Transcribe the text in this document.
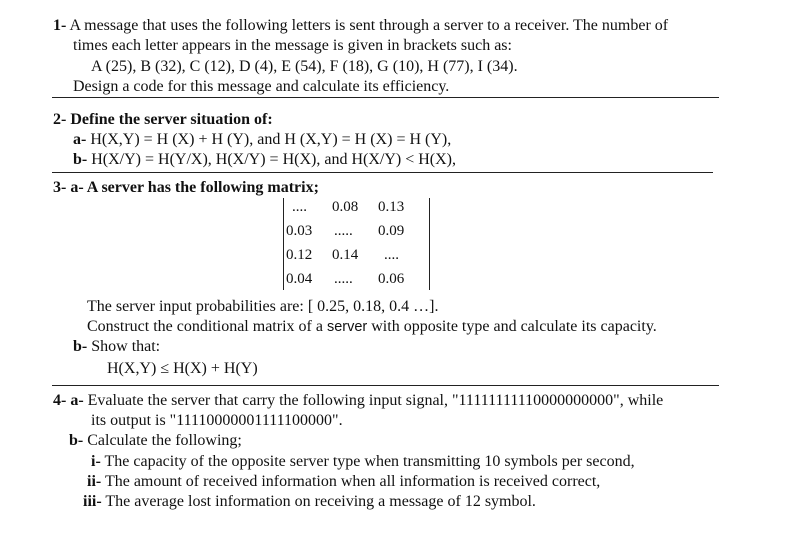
1- A message that uses the following letters is sent through a server to a receiver. The number of
times each letter appears in the message is given in brackets such as:
A (25), B (32), C (12), D (4), E (54), F (18), G (10), H (77), I (34).
Design a code for this message and calculate its efficiency.
2- Define the server situation of:
a- H(X,Y) = H (X) + H (Y), and H (X,Y) = H (X) = H (Y),
b- H(X/Y) = H(Y/X), H(X/Y) = H(X), and H(X/Y) < H(X),
3- a- A server has the following matrix;
.... 0.08 0.13
0.03 ..... 0.09
0.12 0.14 ....
0.04 ..... 0.06
The server input probabilities are: [ 0.25, 0.18, 0.4 …].
Construct the conditional matrix of a server with opposite type and calculate its capacity.
b- Show that:
H(X,Y) ≤ H(X) + H(Y)
4- a- Evaluate the server that carry the following input signal, "11111111110000000000", while
its output is "11110000001111100000".
b- Calculate the following;
i- The capacity of the opposite server type when transmitting 10 symbols per second,
ii- The amount of received information when all information is received correct,
iii- The average lost information on receiving a message of 12 symbol.
